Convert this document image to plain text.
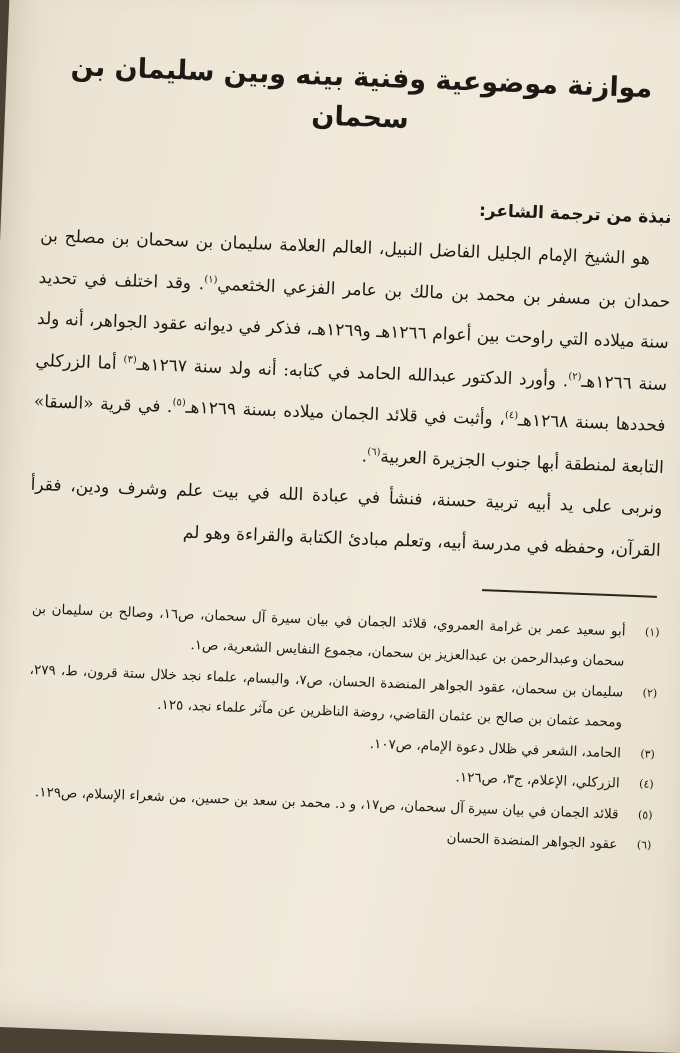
موازنة موضوعية وفنية بينه وبين سليمان بن سحمان
نبذة من ترجمة الشاعر:

هو الشيخ الإمام الجليل الفاضل النبيل، العالم العلامة سليمان بن سحمان بن مصلح بن حمدان بن مسفر بن محمد بن مالك بن عامر الفزعي الخثعمي$^{(١)}$. وقد اختلف في تحديد سنة ميلاده التي راوحت بين أعوام ١٢٦٦هـ و١٢٦٩هـ، فذكر في ديوانه عقود الجواهر، أنه ولد سنة ١٢٦٦هـ$^{(٢)}$. وأورد الدكتور عبدالله الحامد في كتابه: أنه ولد سنة ١٢٦٧هـ$^{(٣)}$ أما الزركلي فحددها بسنة ١٢٦٨هـ$^{(٤)}$، وأثبت في قلائد الجمان ميلاده بسنة ١٢٦٩هـ$^{(٥)}$. في قرية «السقا» التابعة لمنطقة أبها جنوب الجزيرة العربية$^{(٦)}$.

ونربى على يد أبيه تربية حسنة، فنشأ في عبادة الله في بيت علم وشرف ودين، فقرأ القرآن، وحفظه في مدرسة أبيه، وتعلم مبادئ الكتابة والقراءة وهو لم

(١)
أبو سعيد عمر بن غرامة العمروي، قلائد الجمان في بيان سيرة آل سحمان، ص١٦، وصالح بن سليمان بن سحمان وعبدالرحمن بن عبدالعزيز بن سحمان، مجموع النفايس الشعرية، ص١.
(٢)
سليمان بن سحمان، عقود الجواهر المنضدة الحسان، ص٧، والبسام، علماء نجد خلال ستة قرون، ط، ٢٧٩، ومحمد عثمان بن صالح بن عثمان القاضي، روضة الناظرين عن مآثر علماء نجد، ١٢٥.
(٣)
الحامد، الشعر في ظلال دعوة الإمام، ص١٠٧.
(٤)
الزركلي، الإعلام، ج٣، ص١٢٦.
(٥)
قلائد الجمان في بيان سيرة آل سحمان، ص١٧، و د. محمد بن سعد بن حسين، من شعراء الإسلام، ص١٢٩.
(٦)
عقود الجواهر المنضدة الحسان
